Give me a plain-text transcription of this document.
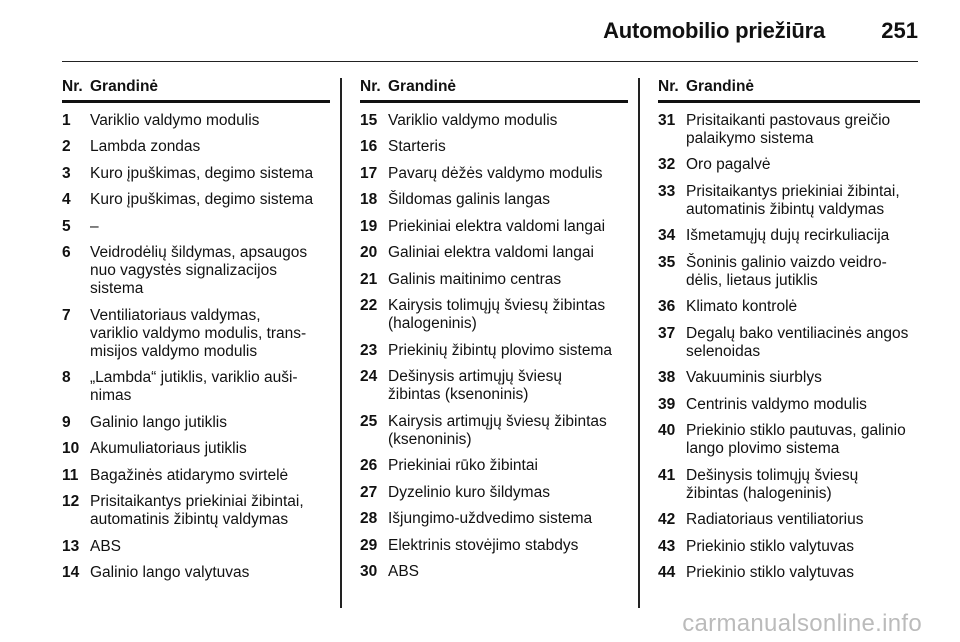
Automobilio priežiūra	251
Nr. Grandinė
1	Variklio valdymo modulis
2	Lambda zondas
3	Kuro įpuškimas, degimo sistema
4	Kuro įpuškimas, degimo sistema
5	–
6	Veidrodėlių šildymas, apsaugos
nuo vagystės signalizacijos
sistema
7	Ventiliatoriaus valdymas,
variklio valdymo modulis, trans-
misijos valdymo modulis
8	„Lambda“ jutiklis, variklio auši-
nimas
9	Galinio lango jutiklis
10 Akumuliatoriaus jutiklis
11 Bagažinės atidarymo svirtelė
12 Prisitaikantys priekiniai žibintai,
automatinis žibintų valdymas
13 ABS
14 Galinio lango valytuvas
Nr. Grandinė
15 Variklio valdymo modulis
16 Starteris
17 Pavarų dėžės valdymo modulis
18 Šildomas galinis langas
19 Priekiniai elektra valdomi langai
20 Galiniai elektra valdomi langai
21 Galinis maitinimo centras
22 Kairysis tolimųjų šviesų žibintas
(halogeninis)
23 Priekinių žibintų plovimo sistema
24 Dešinysis artimųjų šviesų
žibintas (ksenoninis)
25 Kairysis artimųjų šviesų žibintas
(ksenoninis)
26 Priekiniai rūko žibintai
27 Dyzelinio kuro šildymas
28 Išjungimo-uždvedimo sistema
29 Elektrinis stovėjimo stabdys
30 ABS
Nr. Grandinė
31 Prisitaikanti pastovaus greičio
palaikymo sistema
32 Oro pagalvė
33 Prisitaikantys priekiniai žibintai,
automatinis žibintų valdymas
34 Išmetamųjų dujų recirkuliacija
35 Šoninis galinio vaizdo veidro-
dėlis, lietaus jutiklis
36 Klimato kontrolė
37 Degalų bako ventiliacinės angos
selenoidas
38 Vakuuminis siurblys
39 Centrinis valdymo modulis
40 Priekinio stiklo pautuvas, galinio
lango plovimo sistema
41 Dešinysis tolimųjų šviesų
žibintas (halogeninis)
42 Radiatoriaus ventiliatorius
43 Priekinio stiklo valytuvas
44 Priekinio stiklo valytuvas
carmanualsonline.info
